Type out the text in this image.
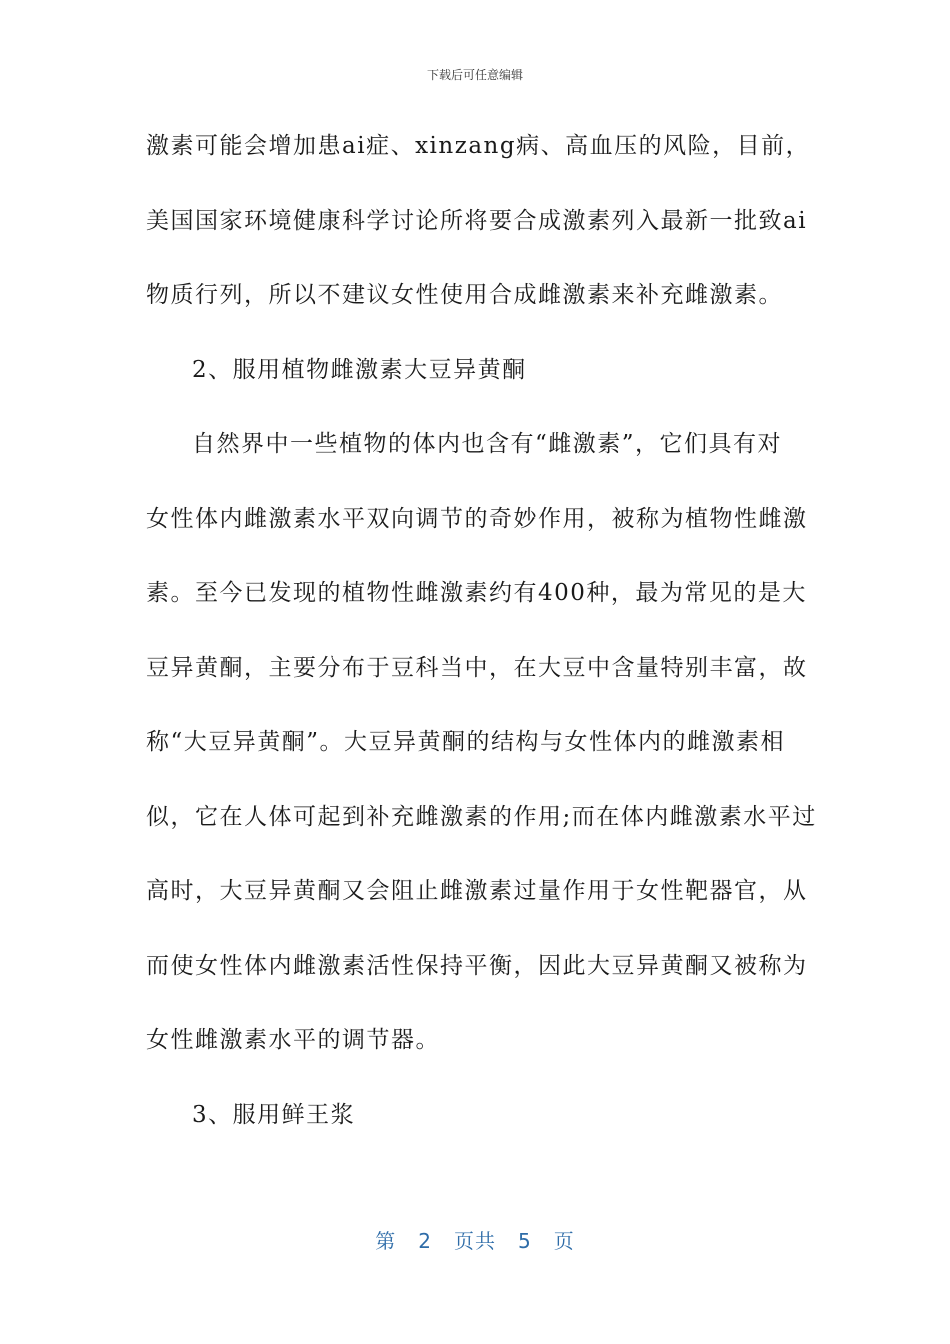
下载后可任意编辑
激素可能会增加患ai症、xinzang病、高血压的风险，目前，
美国国家环境健康科学讨论所将要合成激素列入最新一批致ai
物质行列，所以不建议女性使用合成雌激素来补充雌激素。
2、服用植物雌激素大豆异黄酮
自然界中一些植物的体内也含有“雌激素”，它们具有对
女性体内雌激素水平双向调节的奇妙作用，被称为植物性雌激
素。至今已发现的植物性雌激素约有400种，最为常见的是大
豆异黄酮，主要分布于豆科当中，在大豆中含量特别丰富，故
称“大豆异黄酮”。大豆异黄酮的结构与女性体内的雌激素相
似，它在人体可起到补充雌激素的作用;而在体内雌激素水平过
高时，大豆异黄酮又会阻止雌激素过量作用于女性靶器官，从
而使女性体内雌激素活性保持平衡，因此大豆异黄酮又被称为
女性雌激素水平的调节器。
3、服用鲜王浆
第 2 页共 5 页
